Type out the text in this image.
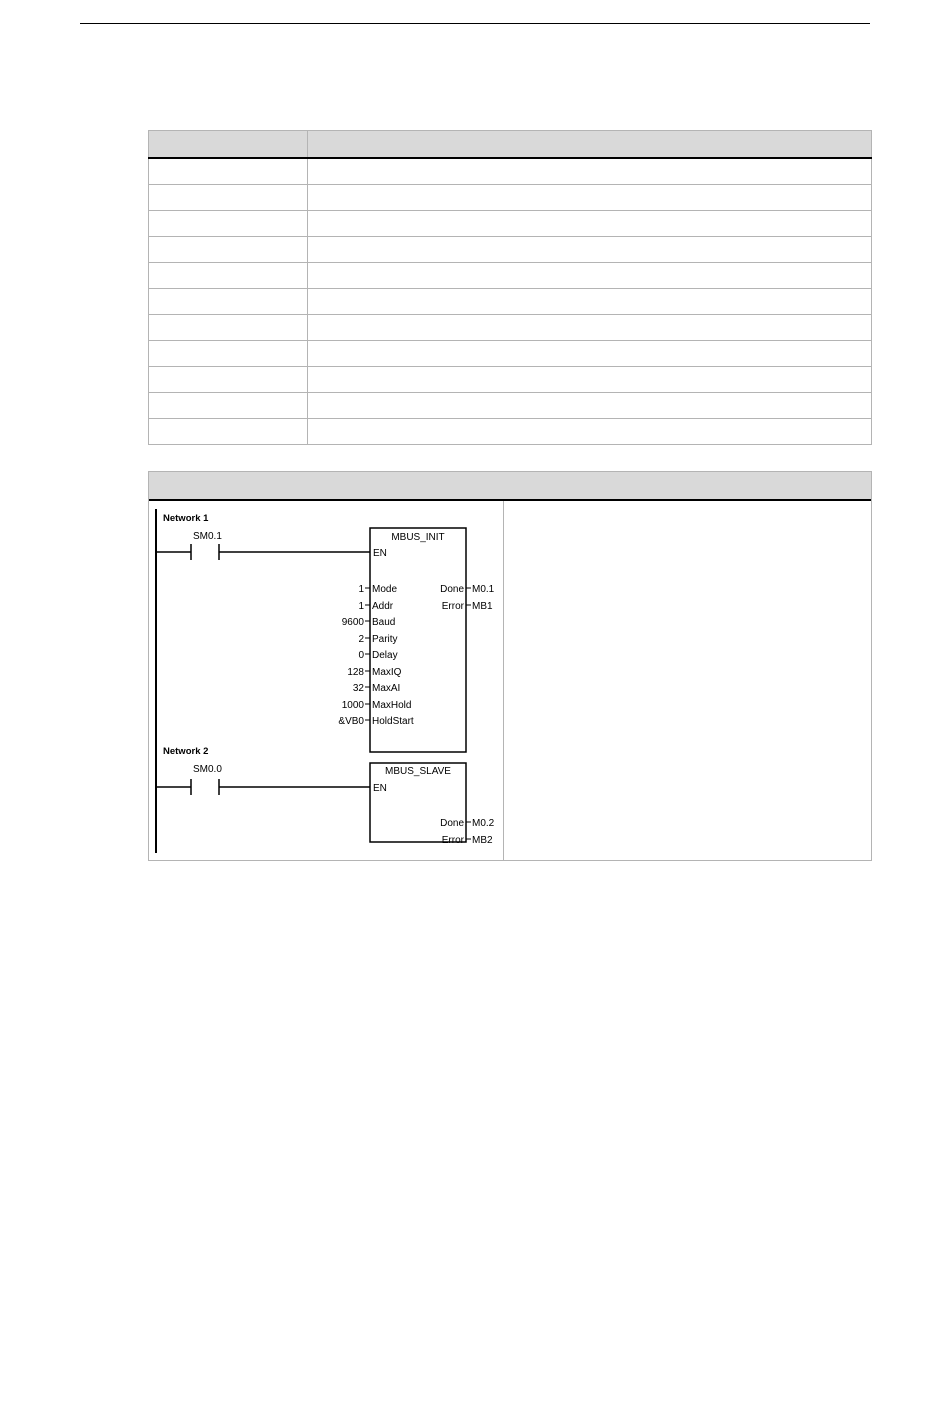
Network 1
SM0.1	MBUS_INIT
EN
1 Mode
1 Addr
9600 Baud
2 Parity
0 Delay
128 MaxIQ
32 MaxAI
1000 MaxHold
&VB0 HoldStart
Done M0.1
Error MB1
Network 2
SM0.0	MBUS_SLAVE
EN
Done M0.2
Error MB2
